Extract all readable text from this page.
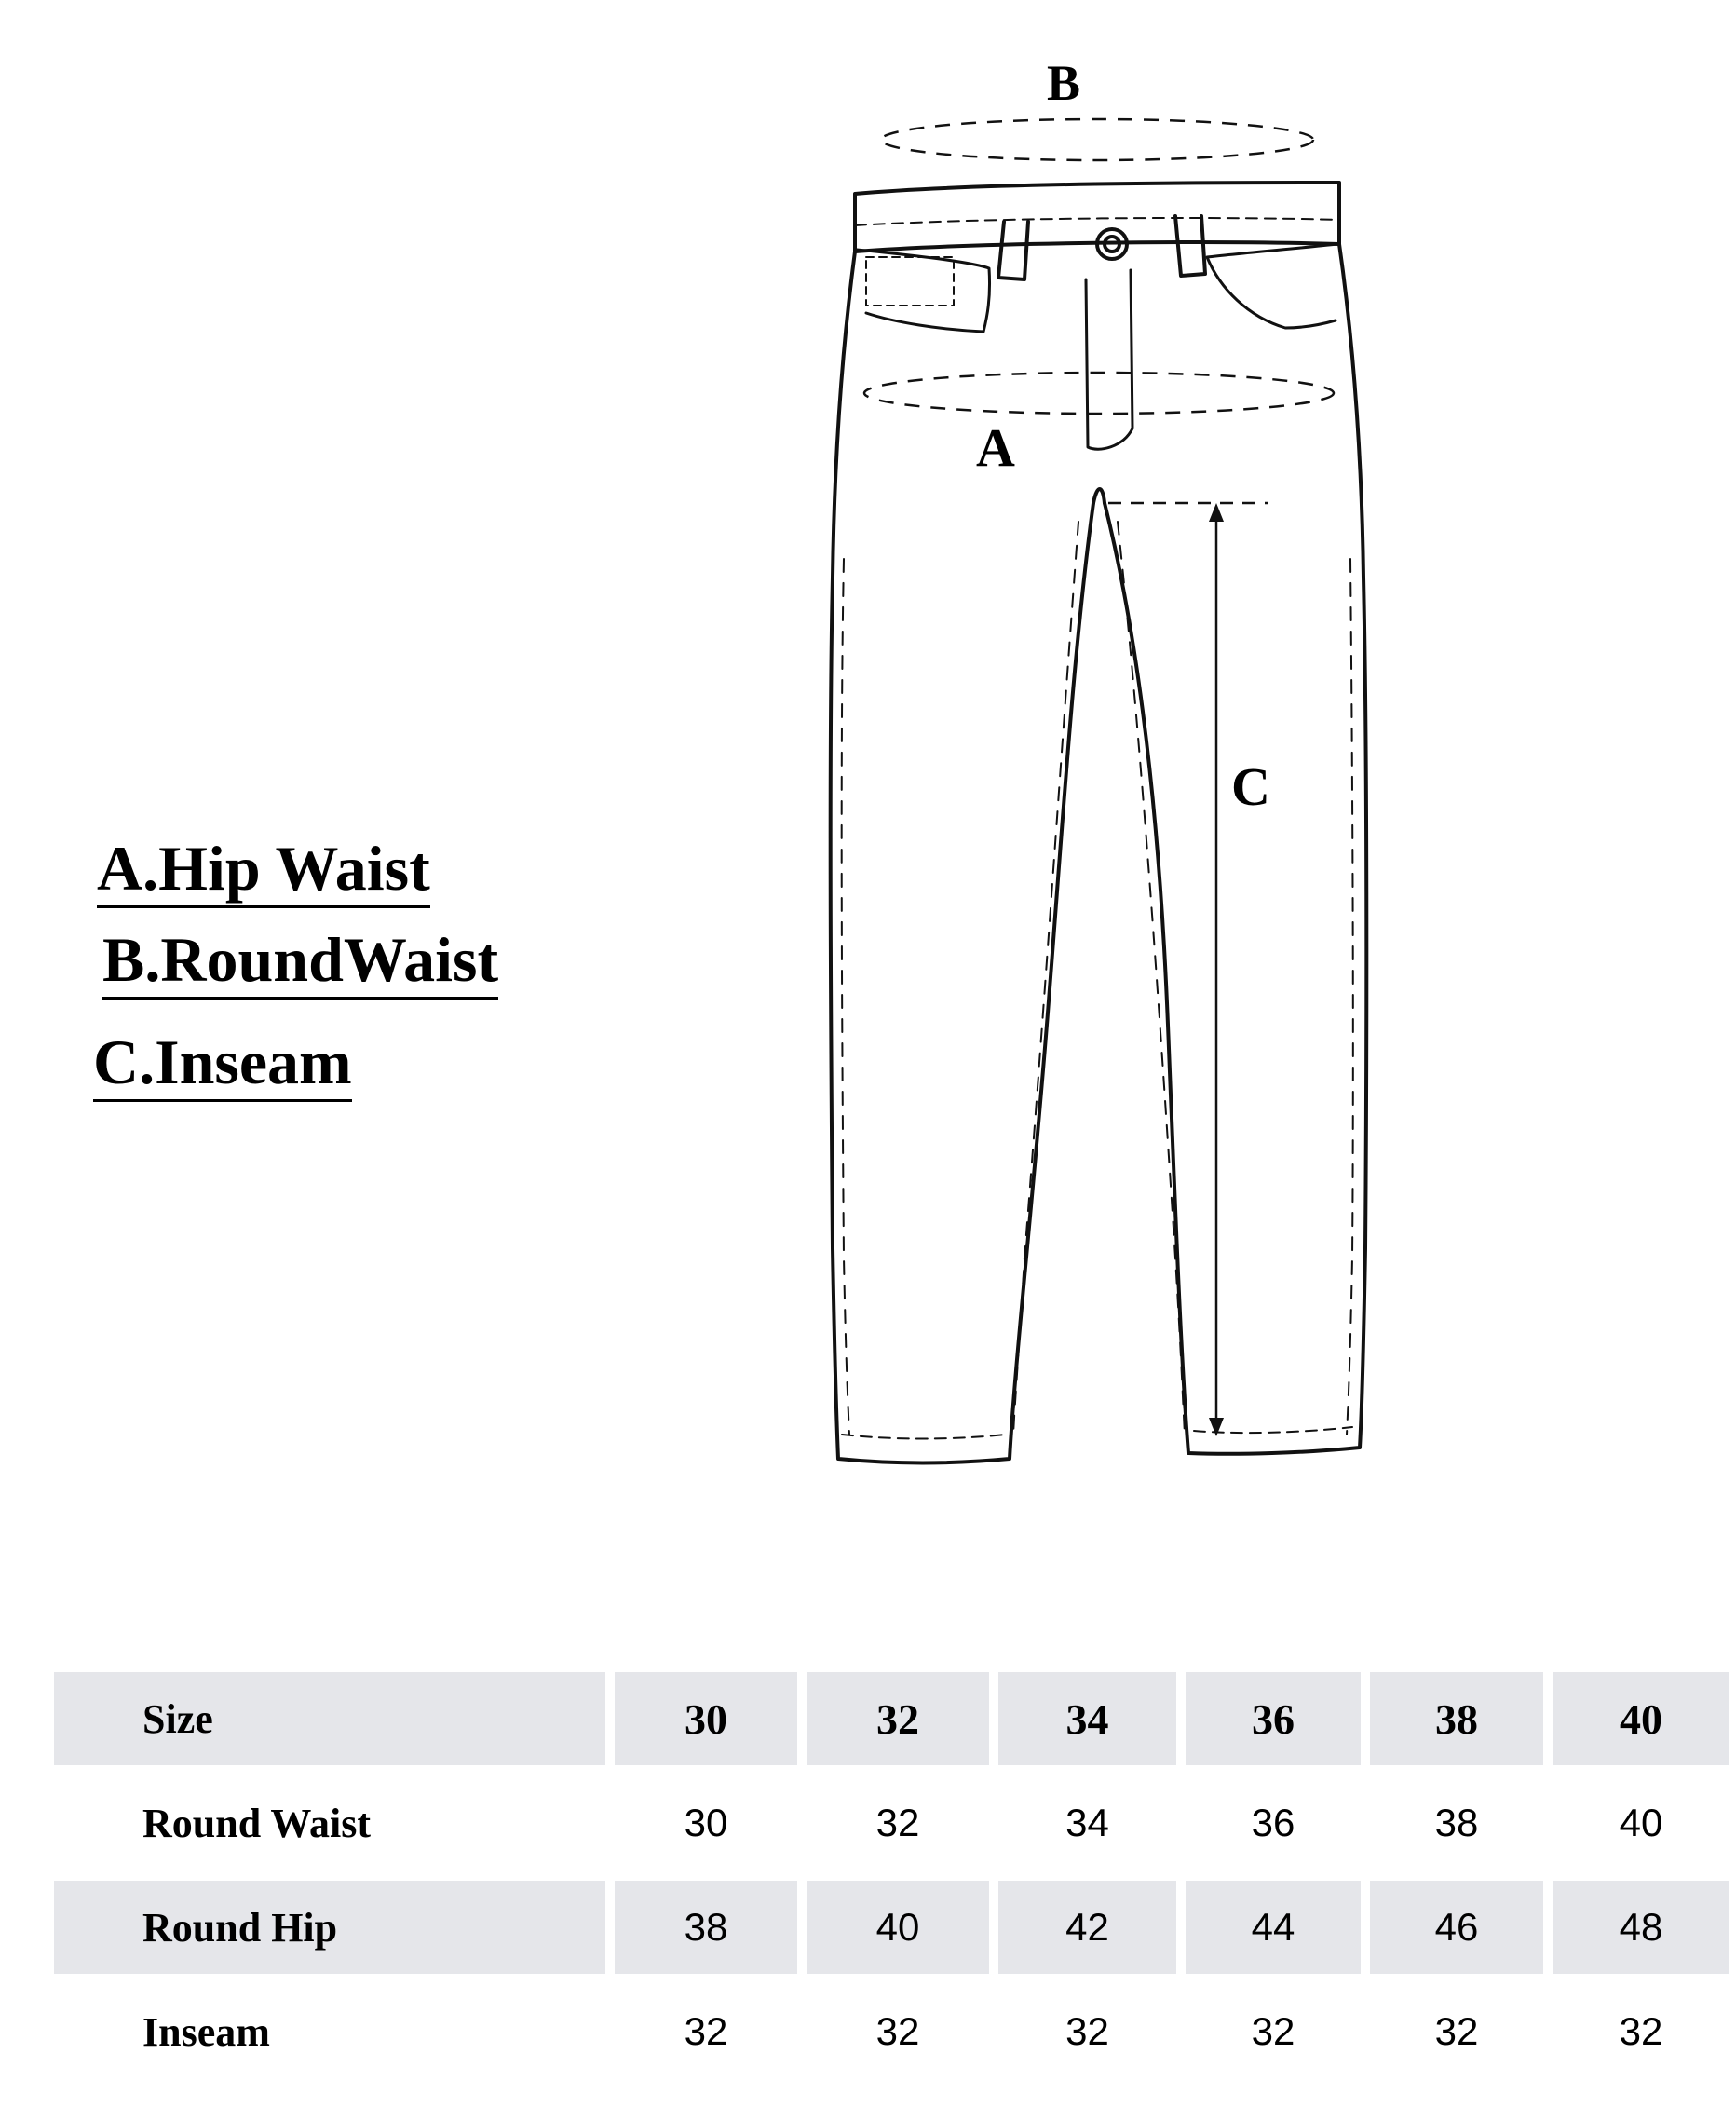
B
A
C
A.Hip Waist
B.RoundWaist
C.Inseam
Size	30	32	34	36	38	40
Round Waist	30	32	34	36	38	40
Round Hip	38	40	42	44	46	48
Inseam	32	32	32	32	32	32
